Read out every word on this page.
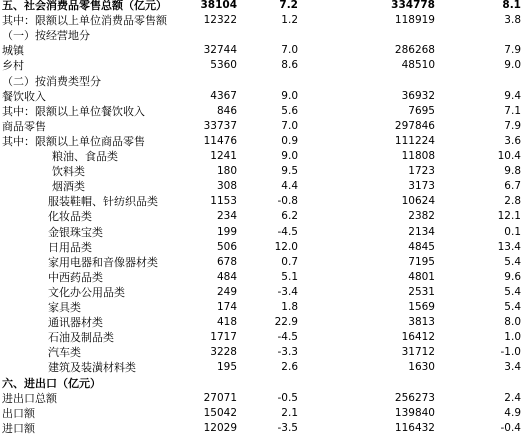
五、社会消费品零售总额（亿元）	38104	7.2	334778	8.1
其中：限额以上单位消费品零售额	12322	1.2	118919	3.8
（一）按经营地分
城镇	32744	7.0	286268	7.9
乡村	5360	8.6	48510	9.0
（二）按消费类型分
餐饮收入	4367	9.0	36932	9.4
其中：限额以上单位餐饮收入	846	5.6	7695	7.1
商品零售	33737	7.0	297846	7.9
其中：限额以上单位商品零售	11476	0.9	111224	3.6
粮油、食品类	1241	9.0	11808	10.4
饮料类	180	9.5	1723	9.8
烟酒类	308	4.4	3173	6.7
服装鞋帽、针纺织品类	1153	-0.8	10624	2.8
化妆品类	234	6.2	2382	12.1
金银珠宝类	199	-4.5	2134	0.1
日用品类	506	12.0	4845	13.4
家用电器和音像器材类	678	0.7	7195	5.4
中西药品类	484	5.1	4801	9.6
文化办公用品类	249	-3.4	2531	5.4
家具类	174	1.8	1569	5.4
通讯器材类	418	22.9	3813	8.0
石油及制品类	1717	-4.5	16412	1.0
汽车类	3228	-3.3	31712	-1.0
建筑及装潢材料类	195	2.6	1630	3.4
六、进出口（亿元）
进出口总额	27071	-0.5	256273	2.4
出口额	15042	2.1	139840	4.9
进口额	12029	-3.5	116432	-0.4
